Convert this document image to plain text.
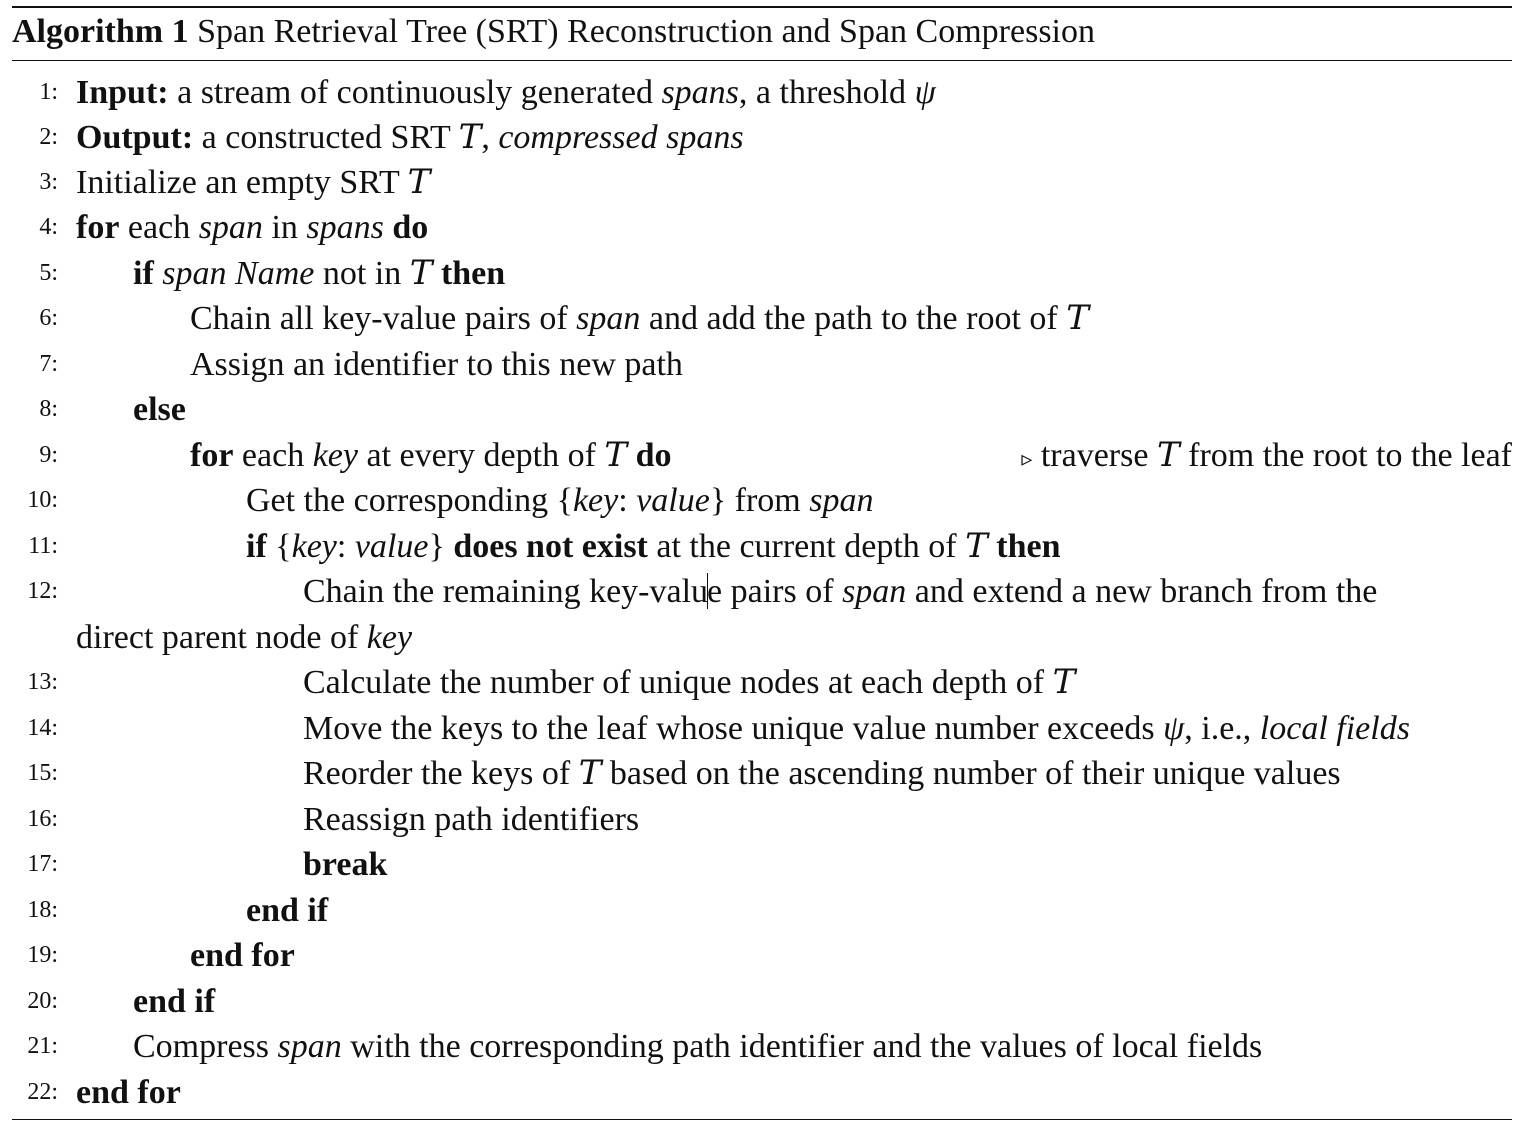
Algorithm 1 Span Retrieval Tree (SRT) Reconstruction and Span Compression
1: Input: a stream of continuously generated spans, a threshold ψ
2: Output: a constructed SRT T, compressed spans
3: Initialize an empty SRT T
4: for each span in spans do
5: if span Name not in T then
6:	Chain all key-value pairs of span and add the path to the root of T
7:	Assign an identifier to this new path
8: else
9:	for each key at every depth of T do	▹ traverse T from the root to the leaf
10:	Get the corresponding {key: value} from span
11:	if {key: value} does not exist at the current depth of T then
12:	Chain the remaining key-value pairs of span and extend a new branch from the
direct parent node of key
13:	Calculate the number of unique nodes at each depth of T
14:	Move the keys to the leaf whose unique value number exceeds ψ, i.e., local fields
15:	Reorder the keys of T based on the ascending number of their unique values
16:	Reassign path identifiers
17:	break
18:	end if
19:	end for
20: end if
21: Compress span with the corresponding path identifier and the values of local fields
22: end for
